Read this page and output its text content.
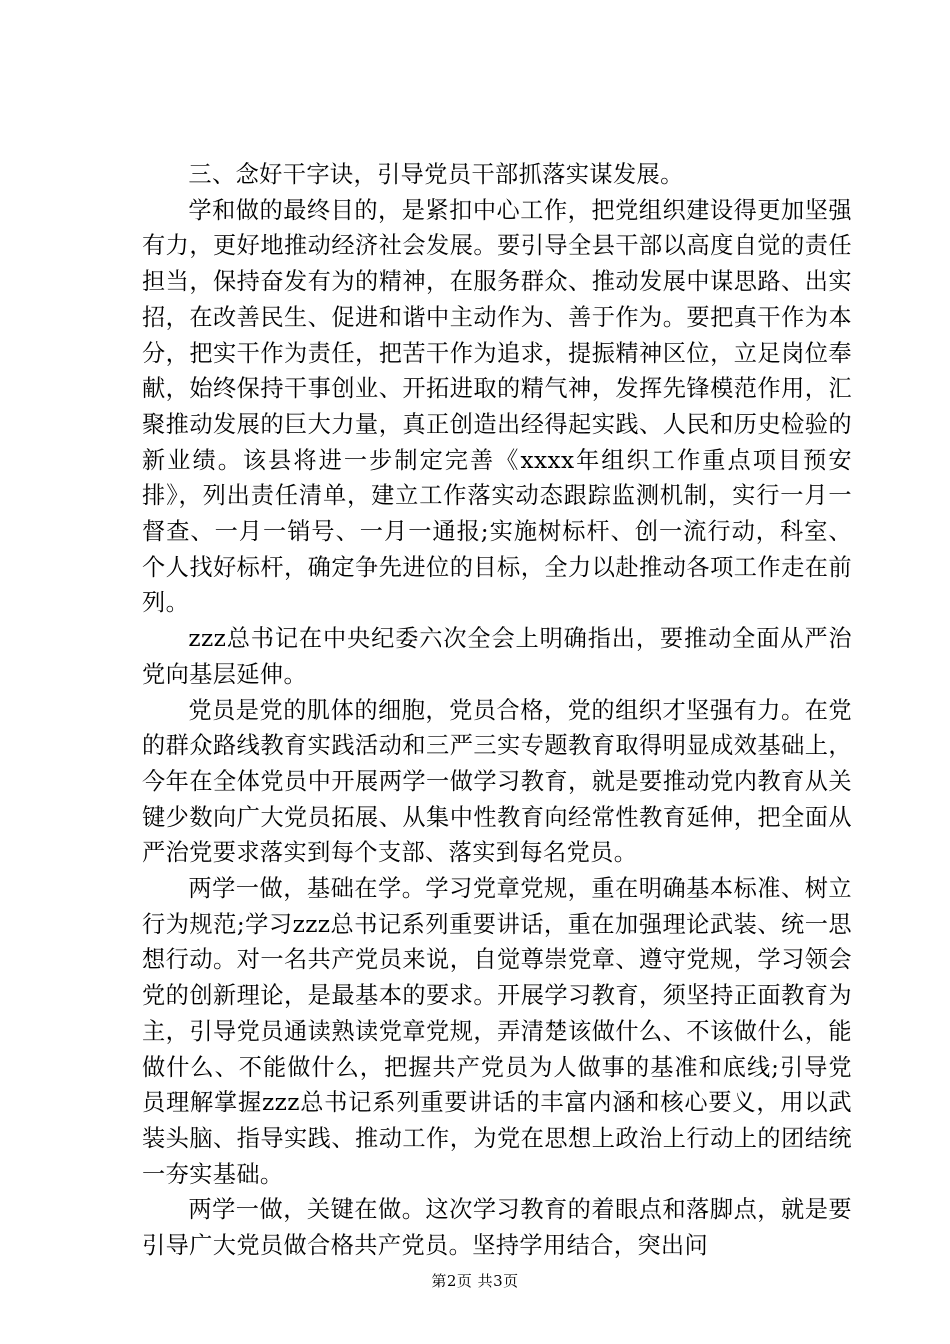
三、念好干字诀，引导党员干部抓落实谋发展。

学和做的最终目的，是紧扣中心工作，把党组织建设得更加坚强有力，更好地推动经济社会发展。要引导全县干部以高度自觉的责任担当，保持奋发有为的精神，在服务群众、推动发展中谋思路、出实招，在改善民生、促进和谐中主动作为、善于作为。要把真干作为本分，把实干作为责任，把苦干作为追求，提振精神区位，立足岗位奉献，始终保持干事创业、开拓进取的精气神，发挥先锋模范作用，汇聚推动发展的巨大力量，真正创造出经得起实践、人民和历史检验的新业绩。该县将进一步制定完善《xxxx年组织工作重点项目预安排》，列出责任清单，建立工作落实动态跟踪监测机制，实行一月一督查、一月一销号、一月一通报;实施树标杆、创一流行动，科室、个人找好标杆，确定争先进位的目标，全力以赴推动各项工作走在前列。

zzz总书记在中央纪委六次全会上明确指出，要推动全面从严治党向基层延伸。

党员是党的肌体的细胞，党员合格，党的组织才坚强有力。在党的群众路线教育实践活动和三严三实专题教育取得明显成效基础上，今年在全体党员中开展两学一做学习教育，就是要推动党内教育从关键少数向广大党员拓展、从集中性教育向经常性教育延伸，把全面从严治党要求落实到每个支部、落实到每名党员。

两学一做，基础在学。学习党章党规，重在明确基本标准、树立行为规范;学习zzz总书记系列重要讲话，重在加强理论武装、统一思想行动。对一名共产党员来说，自觉尊崇党章、遵守党规，学习领会党的创新理论，是最基本的要求。开展学习教育，须坚持正面教育为主，引导党员通读熟读党章党规，弄清楚该做什么、不该做什么，能做什么、不能做什么，把握共产党员为人做事的基准和底线;引导党员理解掌握zzz总书记系列重要讲话的丰富内涵和核心要义，用以武装头脑、指导实践、推动工作，为党在思想上政治上行动上的团结统一夯实基础。

两学一做，关键在做。这次学习教育的着眼点和落脚点，就是要引导广大党员做合格共产党员。坚持学用结合，突出问

第2页 共3页
